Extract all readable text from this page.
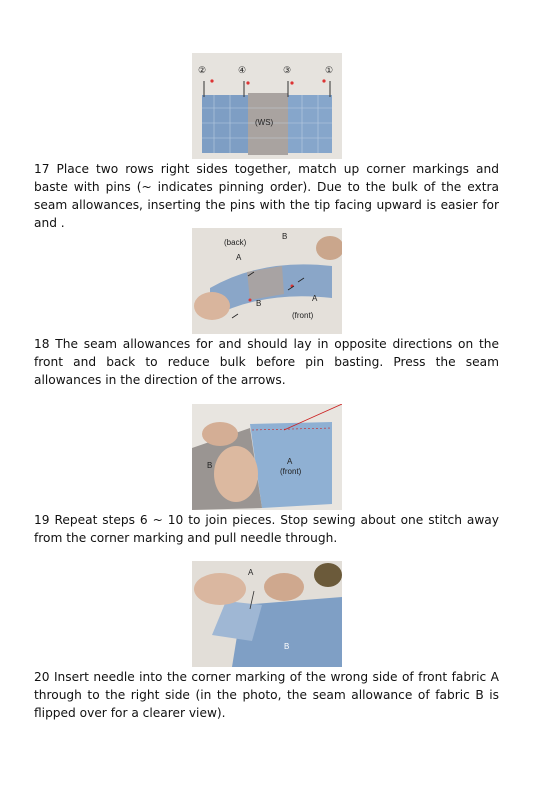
②	④	③	①
(WS)

17 Place two rows right sides together, match up corner markings and baste with pins (~ indicates pinning order). Due to the bulk of the extra seam allowances, inserting the pins with the tip facing upward is easier for and .

(back)
B
A
B
A
(front)

18 The seam allowances for and should lay in opposite directions on the front and back to reduce bulk before pin basting. Press the seam allowances in the direction of the arrows.

B	A
(front)

19 Repeat steps 6 ~ 10 to join pieces. Stop sewing about one stitch away from the corner marking and pull needle through.

A
B

20 Insert needle into the corner marking of the wrong side of front fabric A through to the right side (in the photo, the seam allowance of fabric B is flipped over for a clearer view).
